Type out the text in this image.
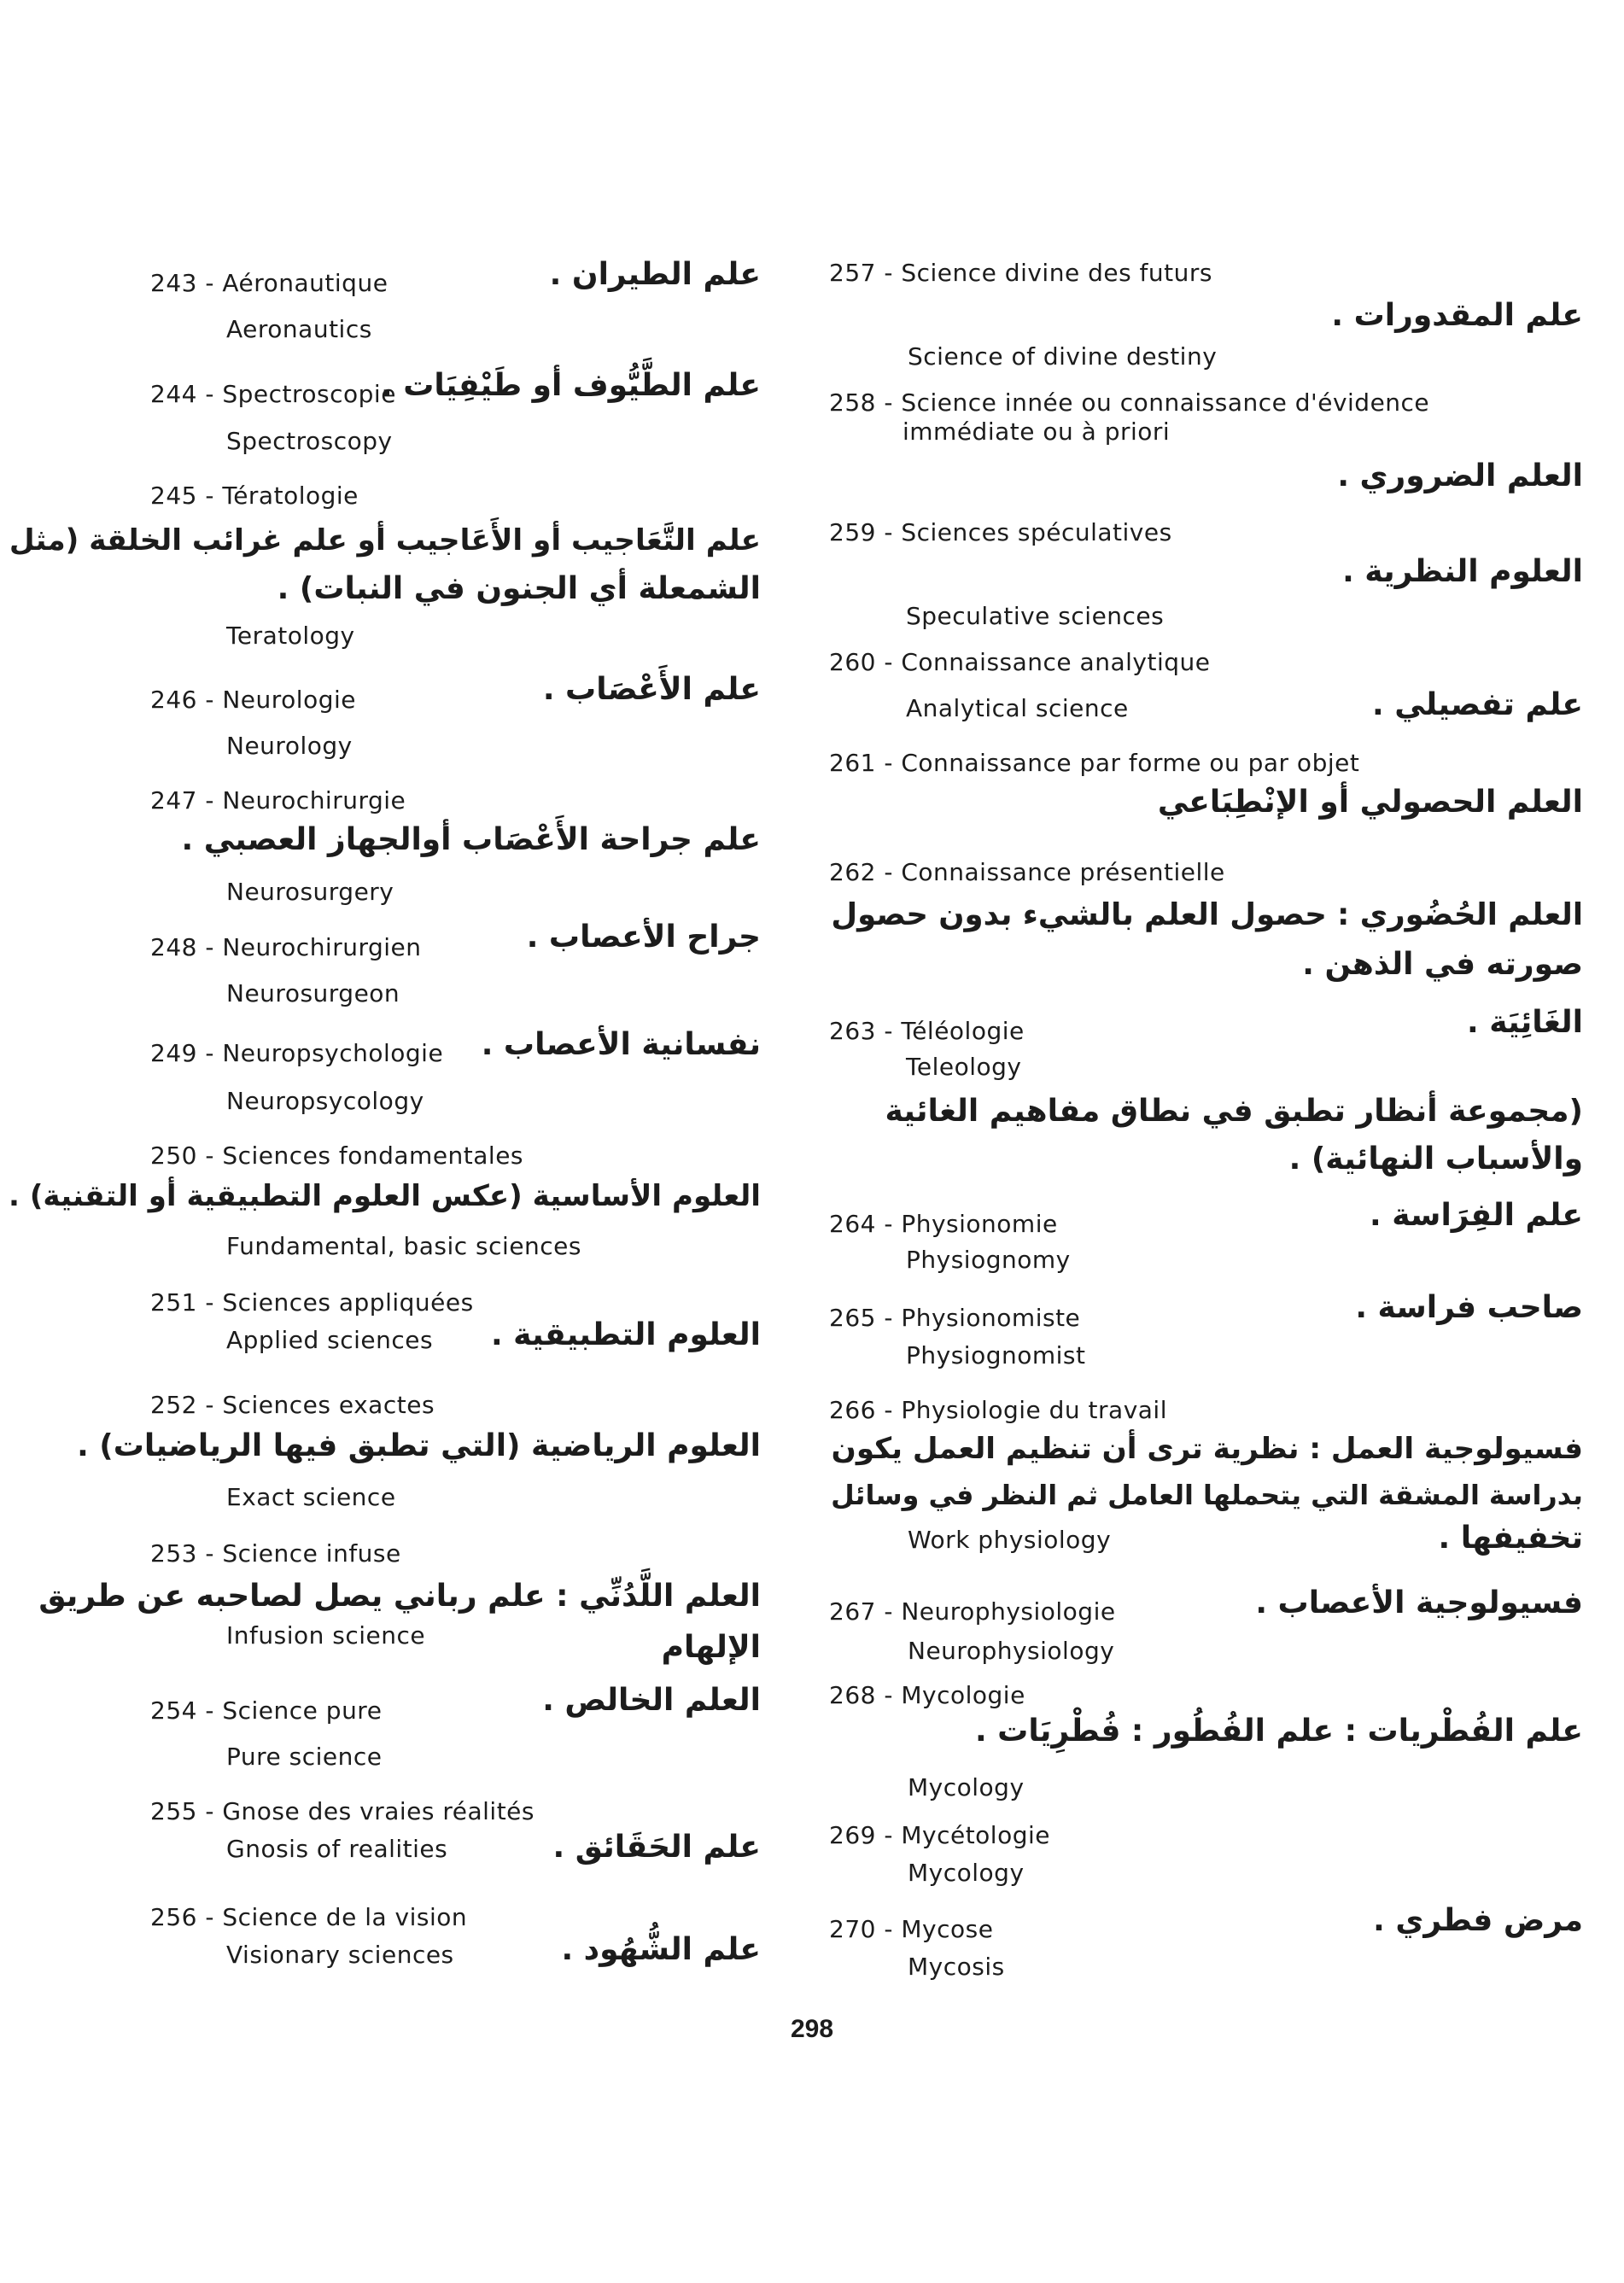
243 - Aéronautique	علم الطيران .
Aeronautics
244 - Spectroscopie
علم الطَّيُّوف أو طَيْفِيَات .
Spectroscopy
245 - Tératologie
علم التَّعَاجيب أو الأَعَاجيب أو علم غرائب الخلقة (مثل
الشمعلة أي الجنون في النبات) .
Teratology
246 - Neurologie	علم الأَعْصَاب .
Neurology
247 - Neurochirurgie
علم جراحة الأَعْصَاب أوالجهاز العصبي .
Neurosurgery
248 - Neurochirurgien	جراح الأعصاب .
Neurosurgeon
249 - Neuropsychologie نفسانية الأعصاب .
Neuropsycology
250 - Sciences fondamentales
العلوم الأساسية (عكس العلوم التطبيقية أو التقنية) .
Fundamental, basic sciences
251 - Sciences appliquées
العلوم التطبيقية .
Applied sciences
252 - Sciences exactes
العلوم الرياضية (التي تطبق فيها الرياضيات) .
Exact science
253 - Science infuse
العلم اللَّدُنِّي : علم رباني يصل لصاحبه عن طريق
Infusion science	الإلهام
254 - Science pure	العلم الخالص .
Pure science
255 - Gnose des vraies réalités
علم الحَقَائق .
Gnosis of realities
256 - Science de la vision
علم الشُّهُود .
Visionary sciences
257 - Science divine des futurs
علم المقدورات .
Science of divine destiny
258 - Science innée ou connaissance d'évidence
immédiate ou à priori
العلم الضروري .
259 - Sciences spéculatives
العلوم النظرية .
Speculative sciences
260 - Connaissance analytique
علم تفصيلي .
Analytical science
261 - Connaissance par forme ou par objet
العلم الحصولي أو الإنْطِبَاعي
262 - Connaissance présentielle
العلم الحُضُوري : حصول العلم بالشيء بدون حصول
صورته في الذهن .
263 - Téléologie	الغَائِيَة .
Teleology
(مجموعة أنظار تطبق في نطاق مفاهيم الغائية
والأسباب النهائية) .
264 - Physionomie	علم الفِرَاسة .
Physiognomy
265 - Physionomiste	صاحب فراسة .
Physiognomist
266 - Physiologie du travail
فسيولوجية العمل : نظرية ترى أن تنظيم العمل يكون
بدراسة المشقة التي يتحملها العامل ثم النظر في وسائل
Work physiology	تخفيفها .
267 - Neurophysiologie	فسيولوجية الأعصاب .
Neurophysiology
268 - Mycologie
علم الفُطْريات : علم الفُطُور : فُطْرِيَات .
Mycology
269 - Mycétologie
Mycology
270 - Mycose	مرض فطري .
Mycosis
298
